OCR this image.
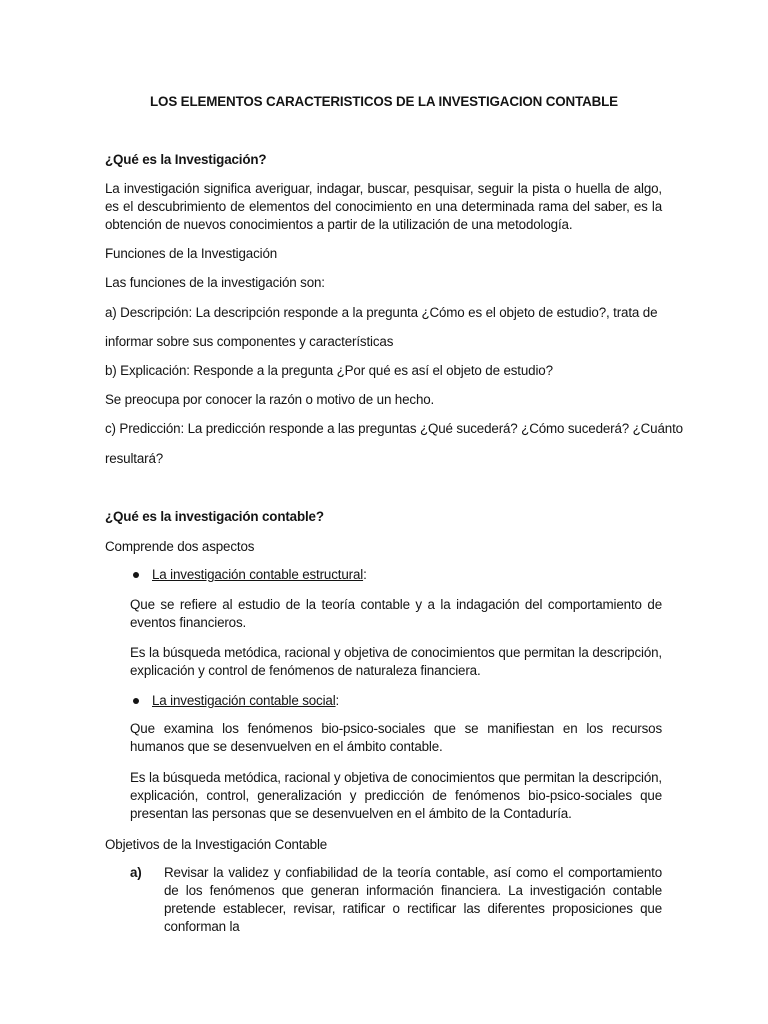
LOS ELEMENTOS CARACTERISTICOS DE LA INVESTIGACION CONTABLE
¿Qué es la Investigación?
La investigación significa averiguar, indagar, buscar, pesquisar, seguir la pista o huella de algo, es el descubrimiento de elementos del conocimiento en una determinada rama del saber, es la obtención de nuevos conocimientos a partir de la utilización de una metodología.
Funciones de la Investigación
Las funciones de la investigación son:
a) Descripción: La descripción responde a la pregunta ¿Cómo es el objeto de estudio?, trata de
informar sobre sus componentes y características
b) Explicación: Responde a la pregunta ¿Por qué es así el objeto de estudio?
Se preocupa por conocer la razón o motivo de un hecho.
c) Predicción: La predicción responde a las preguntas ¿Qué sucederá? ¿Cómo sucederá? ¿Cuánto
resultará?
¿Qué es la investigación contable?
Comprende dos aspectos
La investigación contable estructural:
Que se refiere al estudio de la teoría contable y a la indagación del comportamiento de eventos financieros.
Es la búsqueda metódica, racional y objetiva de conocimientos que permitan la descripción, explicación y control de fenómenos de naturaleza financiera.
La investigación contable social:
Que examina los fenómenos bio-psico-sociales que se manifiestan en los recursos humanos que se desenvuelven en el ámbito contable.
Es la búsqueda metódica, racional y objetiva de conocimientos que permitan la descripción, explicación, control, generalización y predicción de fenómenos bio-psico-sociales que presentan las personas que se desenvuelven en el ámbito de la Contaduría.
Objetivos de la Investigación Contable
a) Revisar la validez y confiabilidad de la teoría contable, así como el comportamiento de los fenómenos que generan información financiera. La investigación contable pretende establecer, revisar, ratificar o rectificar las diferentes proposiciones que conforman la
